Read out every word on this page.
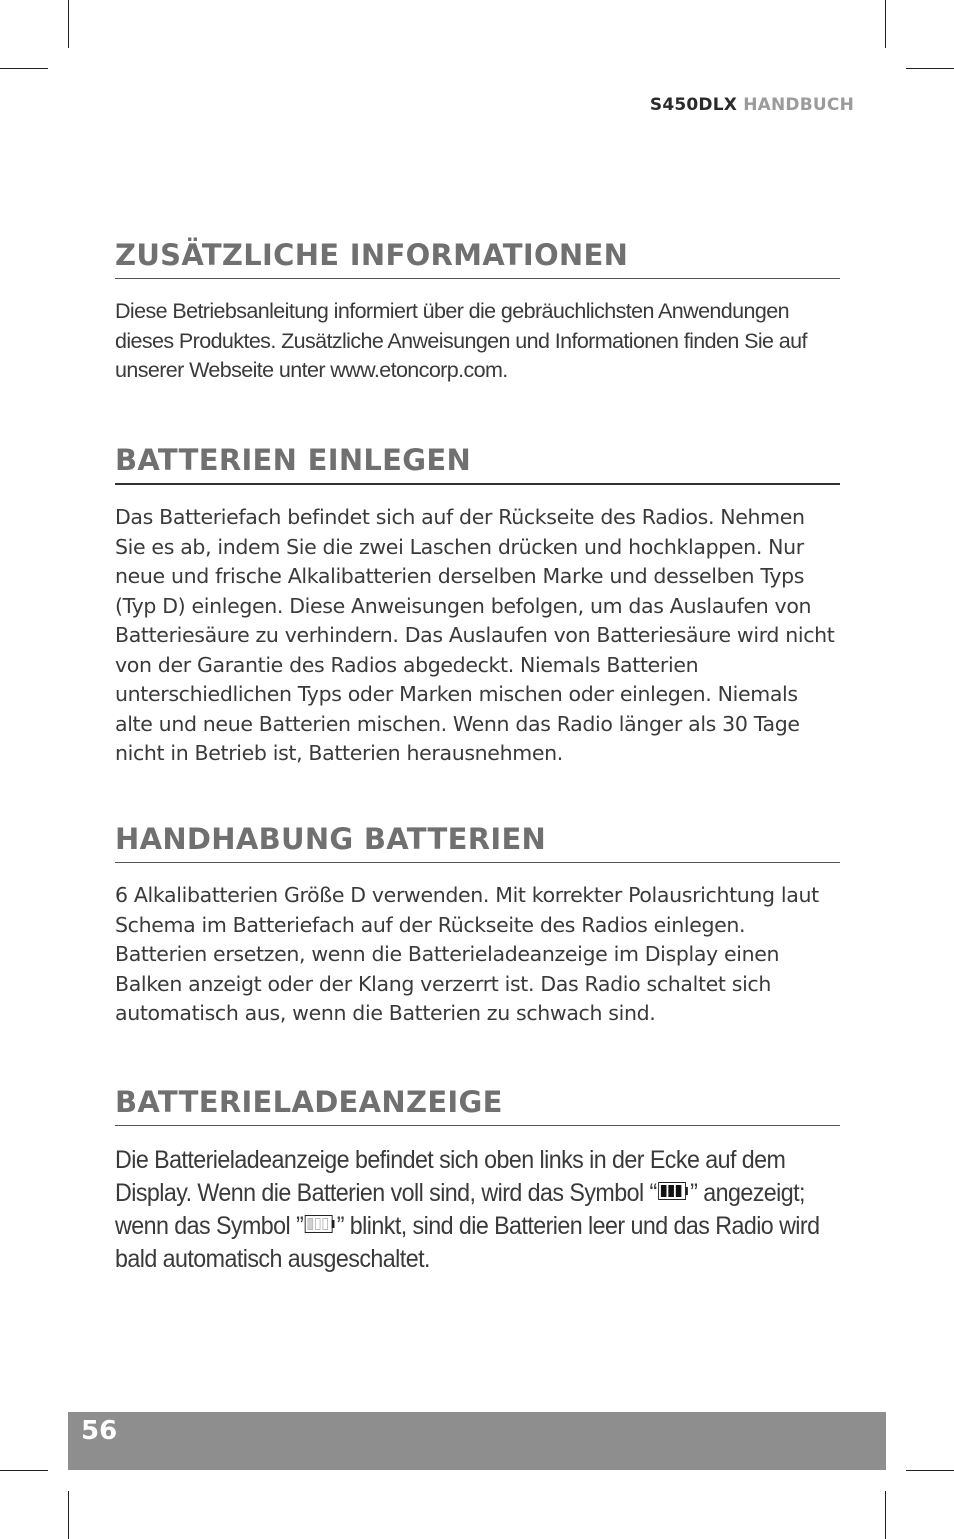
S450DLX HANDBUCH
ZUSÄTZLICHE INFORMATIONEN

Diese Betriebsanleitung informiert über die gebräuchlichsten Anwendungen dieses Produktes. Zusätzliche Anweisungen und Informationen finden Sie auf unserer Webseite unter www.etoncorp.com.

BATTERIEN EINLEGEN

Das Batteriefach befindet sich auf der Rückseite des Radios. Nehmen Sie es ab, indem Sie die zwei Laschen drücken und hochklappen. Nur neue und frische Alkalibatterien derselben Marke und desselben Typs (Typ D) einlegen. Diese Anweisungen befolgen, um das Auslaufen von Batteriesäure zu verhindern. Das Auslaufen von Batteriesäure wird nicht von der Garantie des Radios abgedeckt. Niemals Batterien unterschiedlichen Typs oder Marken mischen oder einlegen. Niemals alte und neue Batterien mischen. Wenn das Radio länger als 30 Tage nicht in Betrieb ist, Batterien herausnehmen.

HANDHABUNG BATTERIEN

6 Alkalibatterien Größe D verwenden. Mit korrekter Polausrichtung laut Schema im Batteriefach auf der Rückseite des Radios einlegen. Batterien ersetzen, wenn die Batterieladeanzeige im Display einen Balken anzeigt oder der Klang verzerrt ist. Das Radio schaltet sich automatisch aus, wenn die Batterien zu schwach sind.

BATTERIELADEANZEIGE

Die Batterieladeanzeige befindet sich oben links in der Ecke auf dem Display. Wenn die Batterien voll sind, wird das Symbol “ ” angezeigt; wenn das Symbol ” ” blinkt, sind die Batterien leer und das Radio wird bald automatisch ausgeschaltet.

56
